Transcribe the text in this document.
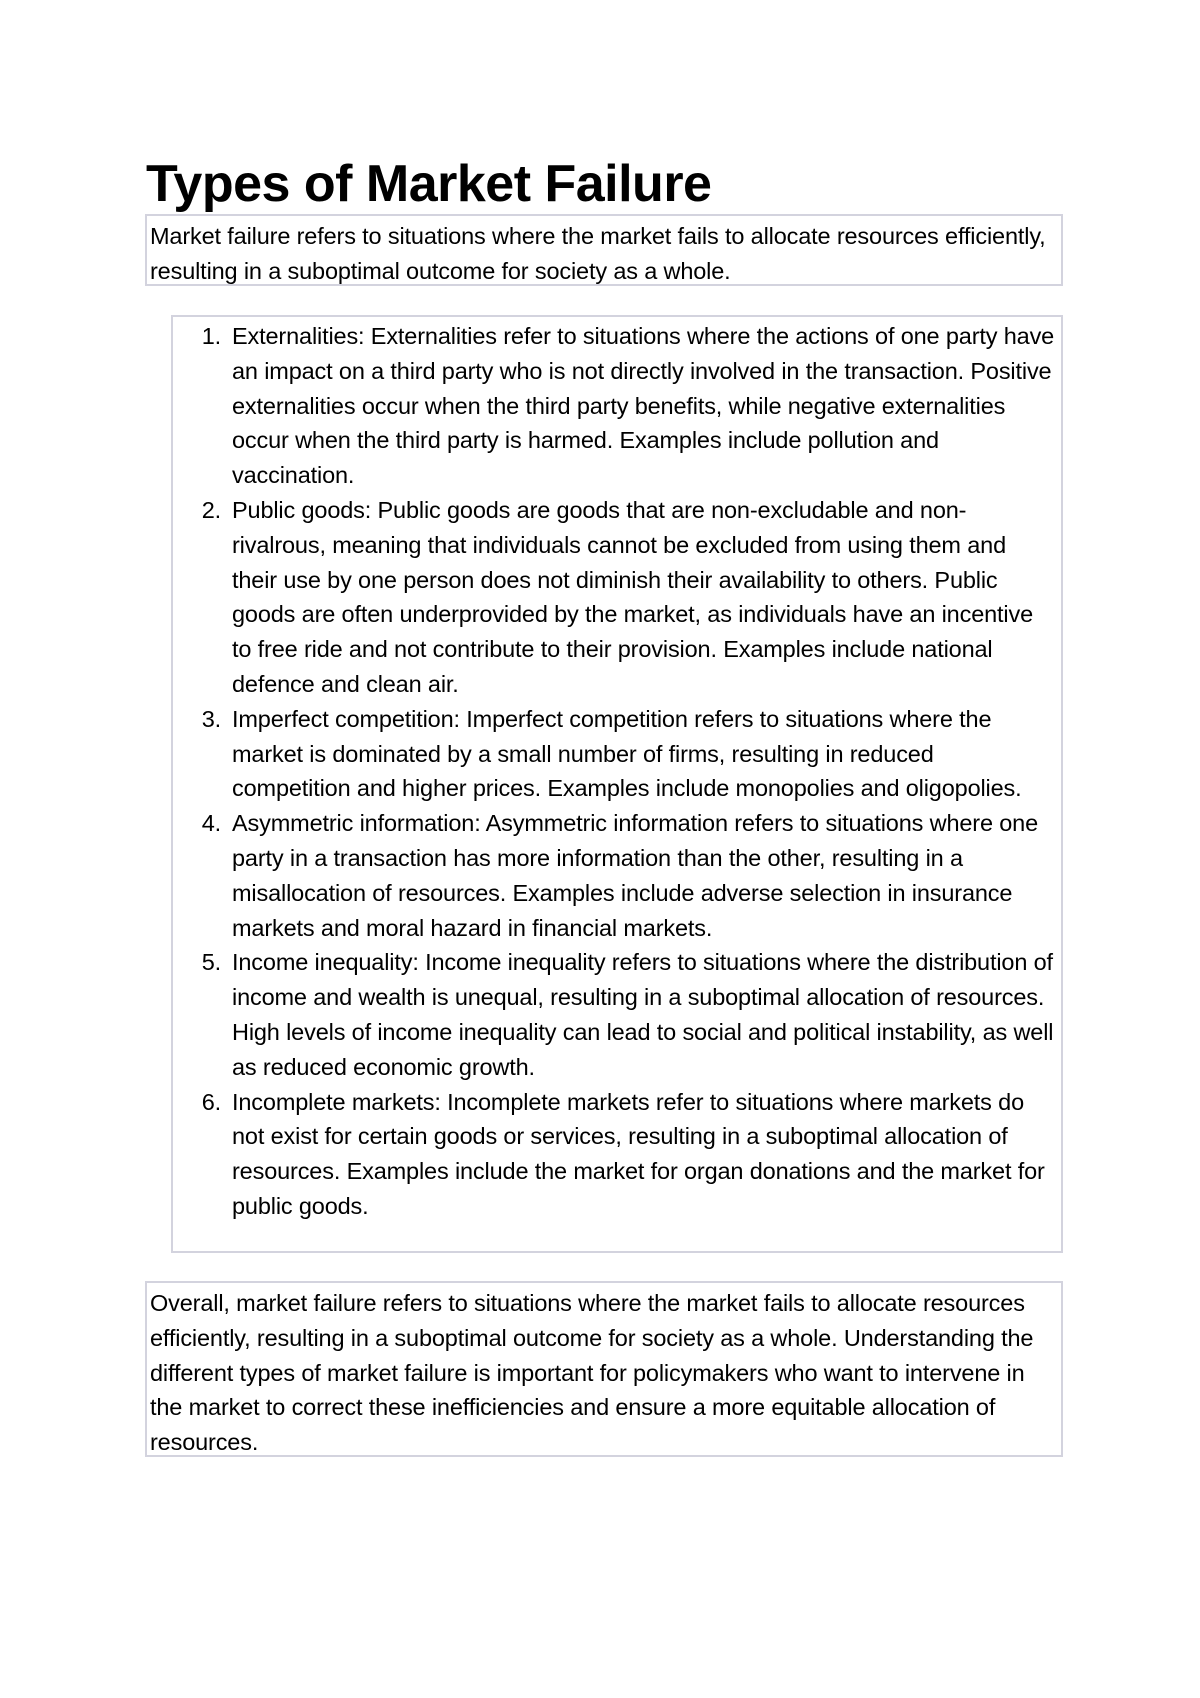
Types of Market Failure

Market failure refers to situations where the market fails to allocate resources efficiently, resulting in a suboptimal outcome for society as a whole.

1. Externalities: Externalities refer to situations where the actions of one party have an impact on a third party who is not directly involved in the transaction. Positive externalities occur when the third party benefits, while negative externalities occur when the third party is harmed. Examples include pollution and vaccination.
2. Public goods: Public goods are goods that are non-excludable and non-rivalrous, meaning that individuals cannot be excluded from using them and their use by one person does not diminish their availability to others. Public goods are often underprovided by the market, as individuals have an incentive to free ride and not contribute to their provision. Examples include national defence and clean air.
3. Imperfect competition: Imperfect competition refers to situations where the market is dominated by a small number of firms, resulting in reduced competition and higher prices. Examples include monopolies and oligopolies.
4. Asymmetric information: Asymmetric information refers to situations where one party in a transaction has more information than the other, resulting in a misallocation of resources. Examples include adverse selection in insurance markets and moral hazard in financial markets.
5. Income inequality: Income inequality refers to situations where the distribution of income and wealth is unequal, resulting in a suboptimal allocation of resources. High levels of income inequality can lead to social and political instability, as well as reduced economic growth.
6. Incomplete markets: Incomplete markets refer to situations where markets do not exist for certain goods or services, resulting in a suboptimal allocation of resources. Examples include the market for organ donations and the market for public goods.

Overall, market failure refers to situations where the market fails to allocate resources efficiently, resulting in a suboptimal outcome for society as a whole. Understanding the different types of market failure is important for policymakers who want to intervene in the market to correct these inefficiencies and ensure a more equitable allocation of resources.
